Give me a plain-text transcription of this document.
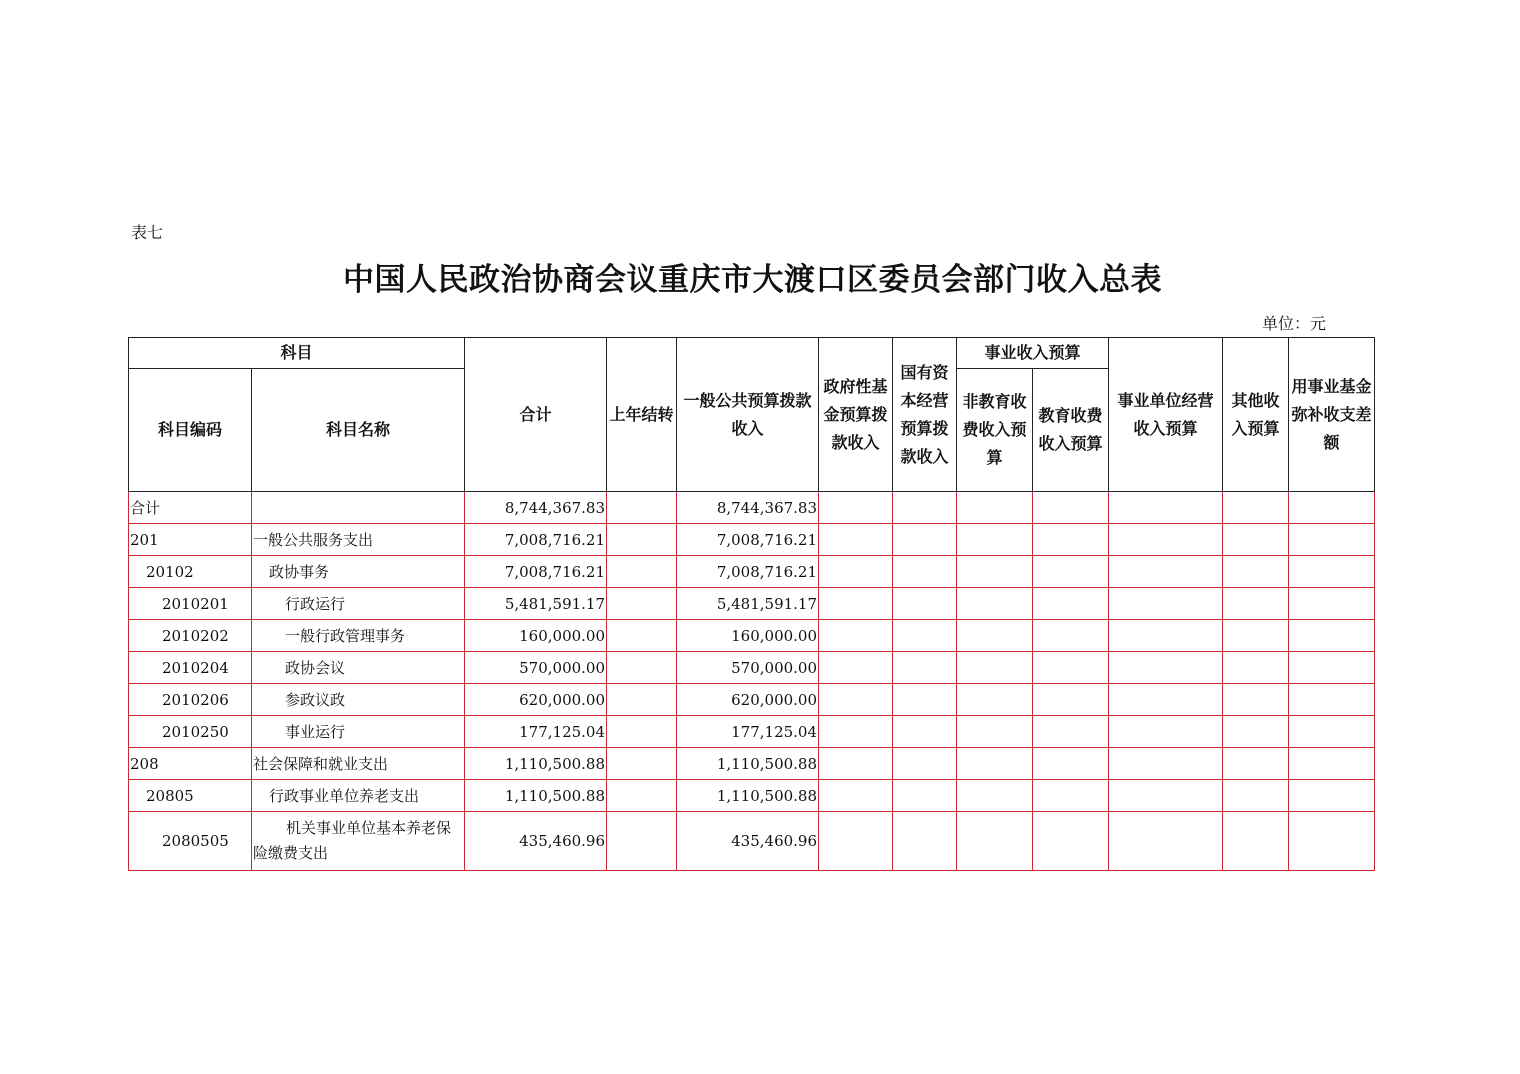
表七
中国人民政治协商会议重庆市大渡口区委员会部门收入总表
单位：元
科目		合计	上年结转	一般公共预算拨款收入	政府性基金预算拨款收入	国有资本经营预算拨款收入	事业收入预算		事业单位经营收入预算	其他收入预算	用事业基金弥补收支差额
科目编码	科目名称						非教育收费收入预算	教育收费收入预算			
合计		8,744,367.83		8,744,367.83							
201	一般公共服务支出	7,008,716.21		7,008,716.21							
20102	政协事务	7,008,716.21		7,008,716.21							
2010201	行政运行	5,481,591.17		5,481,591.17							
2010202	一般行政管理事务	160,000.00		160,000.00							
2010204	政协会议	570,000.00		570,000.00							
2010206	参政议政	620,000.00		620,000.00							
2010250	事业运行	177,125.04		177,125.04							
208	社会保障和就业支出	1,110,500.88		1,110,500.88							
20805	行政事业单位养老支出	1,110,500.88		1,110,500.88							
2080505	机关事业单位基本养老保险缴费支出	435,460.96		435,460.96							
